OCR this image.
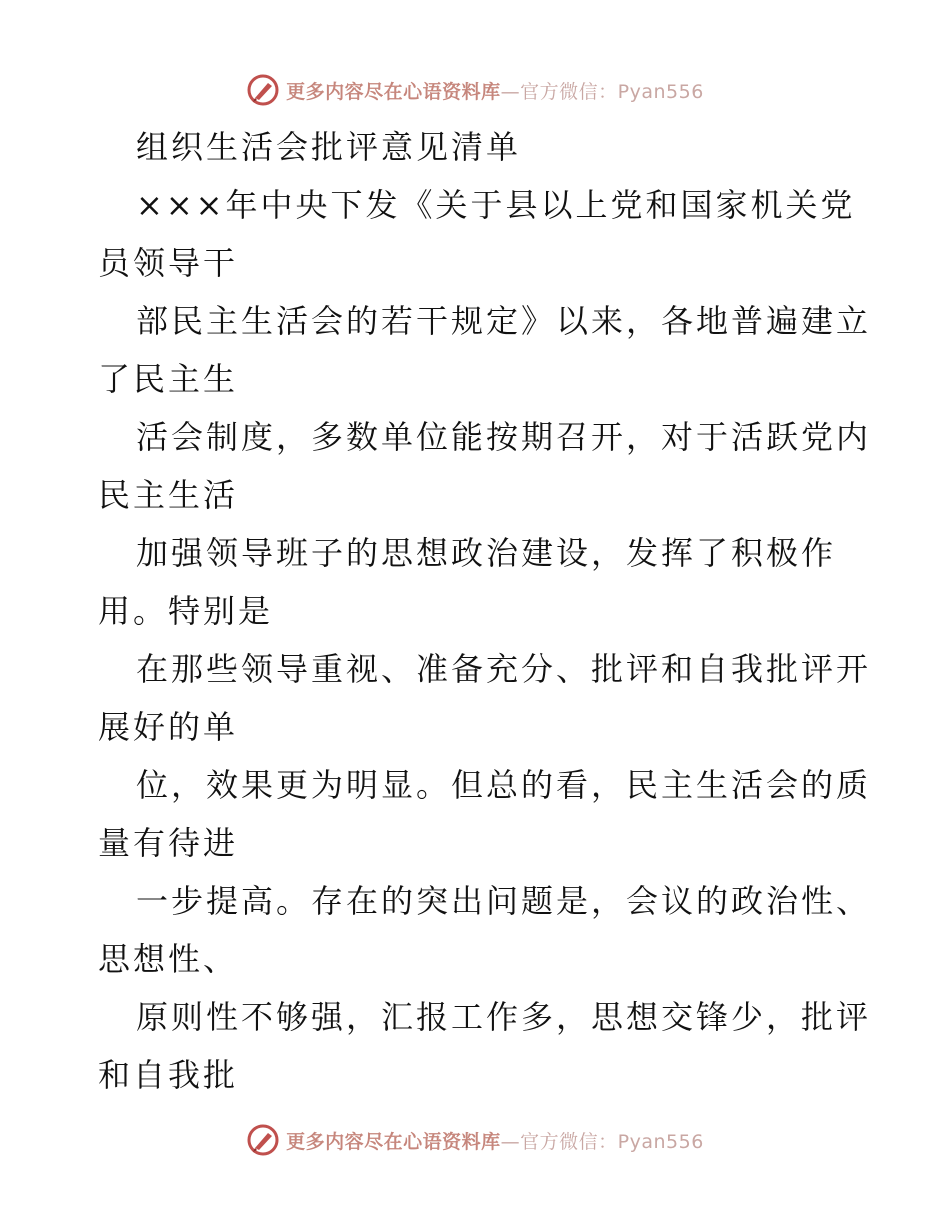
更多内容尽在心语资料库—官方微信：Pyan556
组织生活会批评意见清单
×××年中央下发《关于县以上党和国家机关党
员领导干
部民主生活会的若干规定》以来，各地普遍建立
了民主生
活会制度，多数单位能按期召开，对于活跃党内
民主生活
加强领导班子的思想政治建设，发挥了积极作
用。特别是
在那些领导重视、准备充分、批评和自我批评开
展好的单
位，效果更为明显。但总的看，民主生活会的质
量有待进
一步提高。存在的突出问题是，会议的政治性、
思想性、
原则性不够强，汇报工作多，思想交锋少，批评
和自我批
更多内容尽在心语资料库—官方微信：Pyan556
